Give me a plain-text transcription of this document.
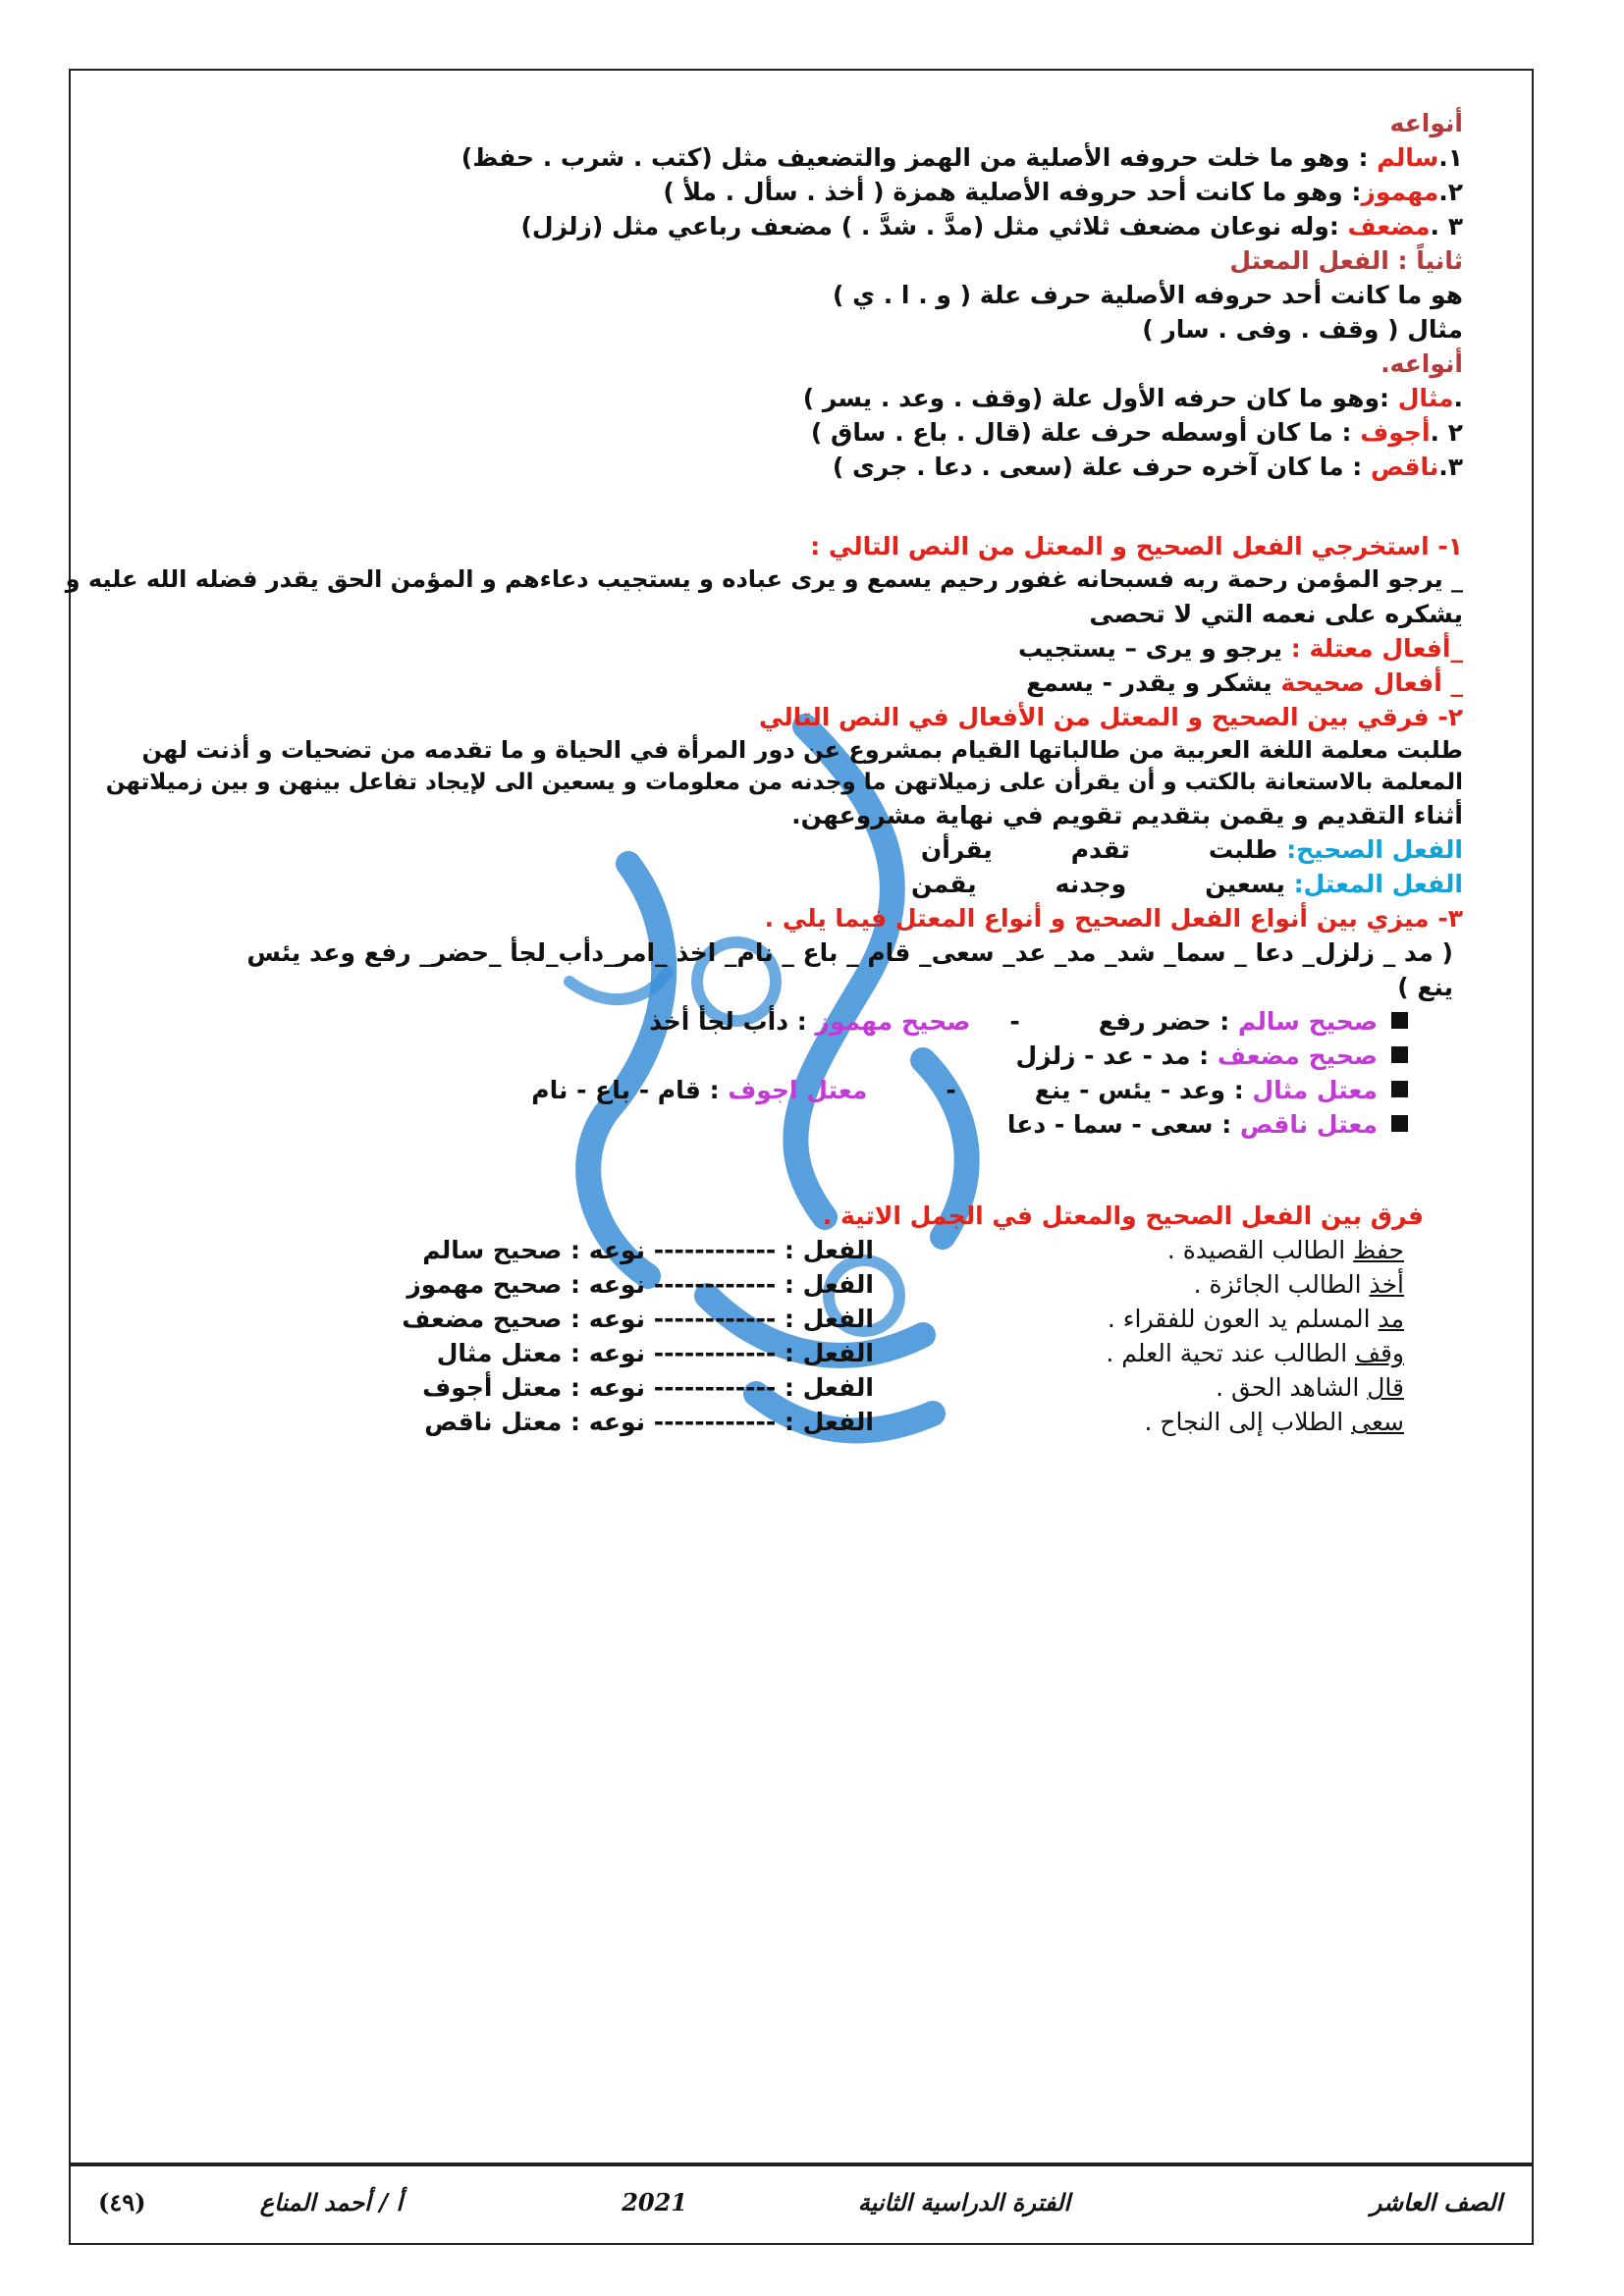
أنواعه
١.سالم : وهو ما خلت حروفه الأصلية من الهمز والتضعيف مثل (كتب . شرب . حفظ)
٢.مهموز: وهو ما كانت أحد حروفه الأصلية همزة ( أخذ . سأل . ملأ )
٣ .مضعف :وله نوعان مضعف ثلاثي مثل (مدَّ . شدَّ . ) مضعف رباعي مثل (زلزل)
ثانياً : الفعل المعتل
هو ما كانت أحد حروفه الأصلية حرف علة ( و . ا . ي )
مثال ( وقف . وفى . سار )
أنواعه.
.مثال :وهو ما كان حرفه الأول علة (وقف . وعد . يسر )
٢ .أجوف : ما كان أوسطه حرف علة (قال . باع . ساق )
٣.ناقص : ما كان آخره حرف علة (سعى . دعا . جرى )
١- استخرجي الفعل الصحيح و المعتل من النص التالي :
_ يرجو المؤمن رحمة ربه فسبحانه غفور رحيم يسمع و يرى عباده و يستجيب دعاءهم و المؤمن الحق يقدر فضله الله عليه و
يشكره على نعمه التي لا تحصى
_أفعال معتلة : يرجو و يرى – يستجيب
_ أفعال صحيحة يشكر و يقدر - يسمع
٢- فرقي بين الصحيح و المعتل من الأفعال في النص التالي
طلبت معلمة اللغة العربية من طالباتها القيام بمشروع عن دور المرأة في الحياة و ما تقدمه من تضحيات و أذنت لهن
المعلمة بالاستعانة بالكتب و أن يقرأن على زميلاتهن ما وجدنه من معلومات و يسعين الى لإيجاد تفاعل بينهن و بين زميلاتهن
أثناء التقديم و يقمن بتقديم تقويم في نهاية مشروعهن.
الفعل الصحيح: طلبتتقدميقرأن
الفعل المعتل: يسعينوجدنهيقمن
٣- ميزي بين أنواع الفعل الصحيح و أنواع المعتل فيما يلي .
( مد _ زلزل_ دعا _ سما_ شد_ مد_ عد_ سعى_ قام _ باع _ نام_ اخذ _امر_دأب_لجأ _حضر_ رفع وعد يئس
ينع )
صحيح سالم : حضر رفع-صحيح مهموز : دأب لجأ أخذ
صحيح مضعف : مد - عد - زلزل
معتل مثال : وعد - يئس - ينع-معتل اجوف : قام - باع - نام
معتل ناقص : سعى - سما - دعا
فرق بين الفعل الصحيح والمعتل في الجمل الاتية .
حفظ الطالب القصيدة .
الفعل : ------------ نوعه : صحيح سالم
أخذ الطالب الجائزة .
الفعل : ------------ نوعه : صحيح مهموز
مد المسلم يد العون للفقراء .
الفعل : ------------ نوعه : صحيح مضعف
وقف الطالب عند تحية العلم .
الفعل : ------------ نوعه : معتل مثال
قال الشاهد الحق .
الفعل : ------------ نوعه : معتل أجوف
سعى الطلاب إلى النجاح .
الفعل : ------------ نوعه : معتل ناقص
الصف العاشر
الفترة الدراسية الثانية
2021
أ / أحمد المناع
(٤٩)
